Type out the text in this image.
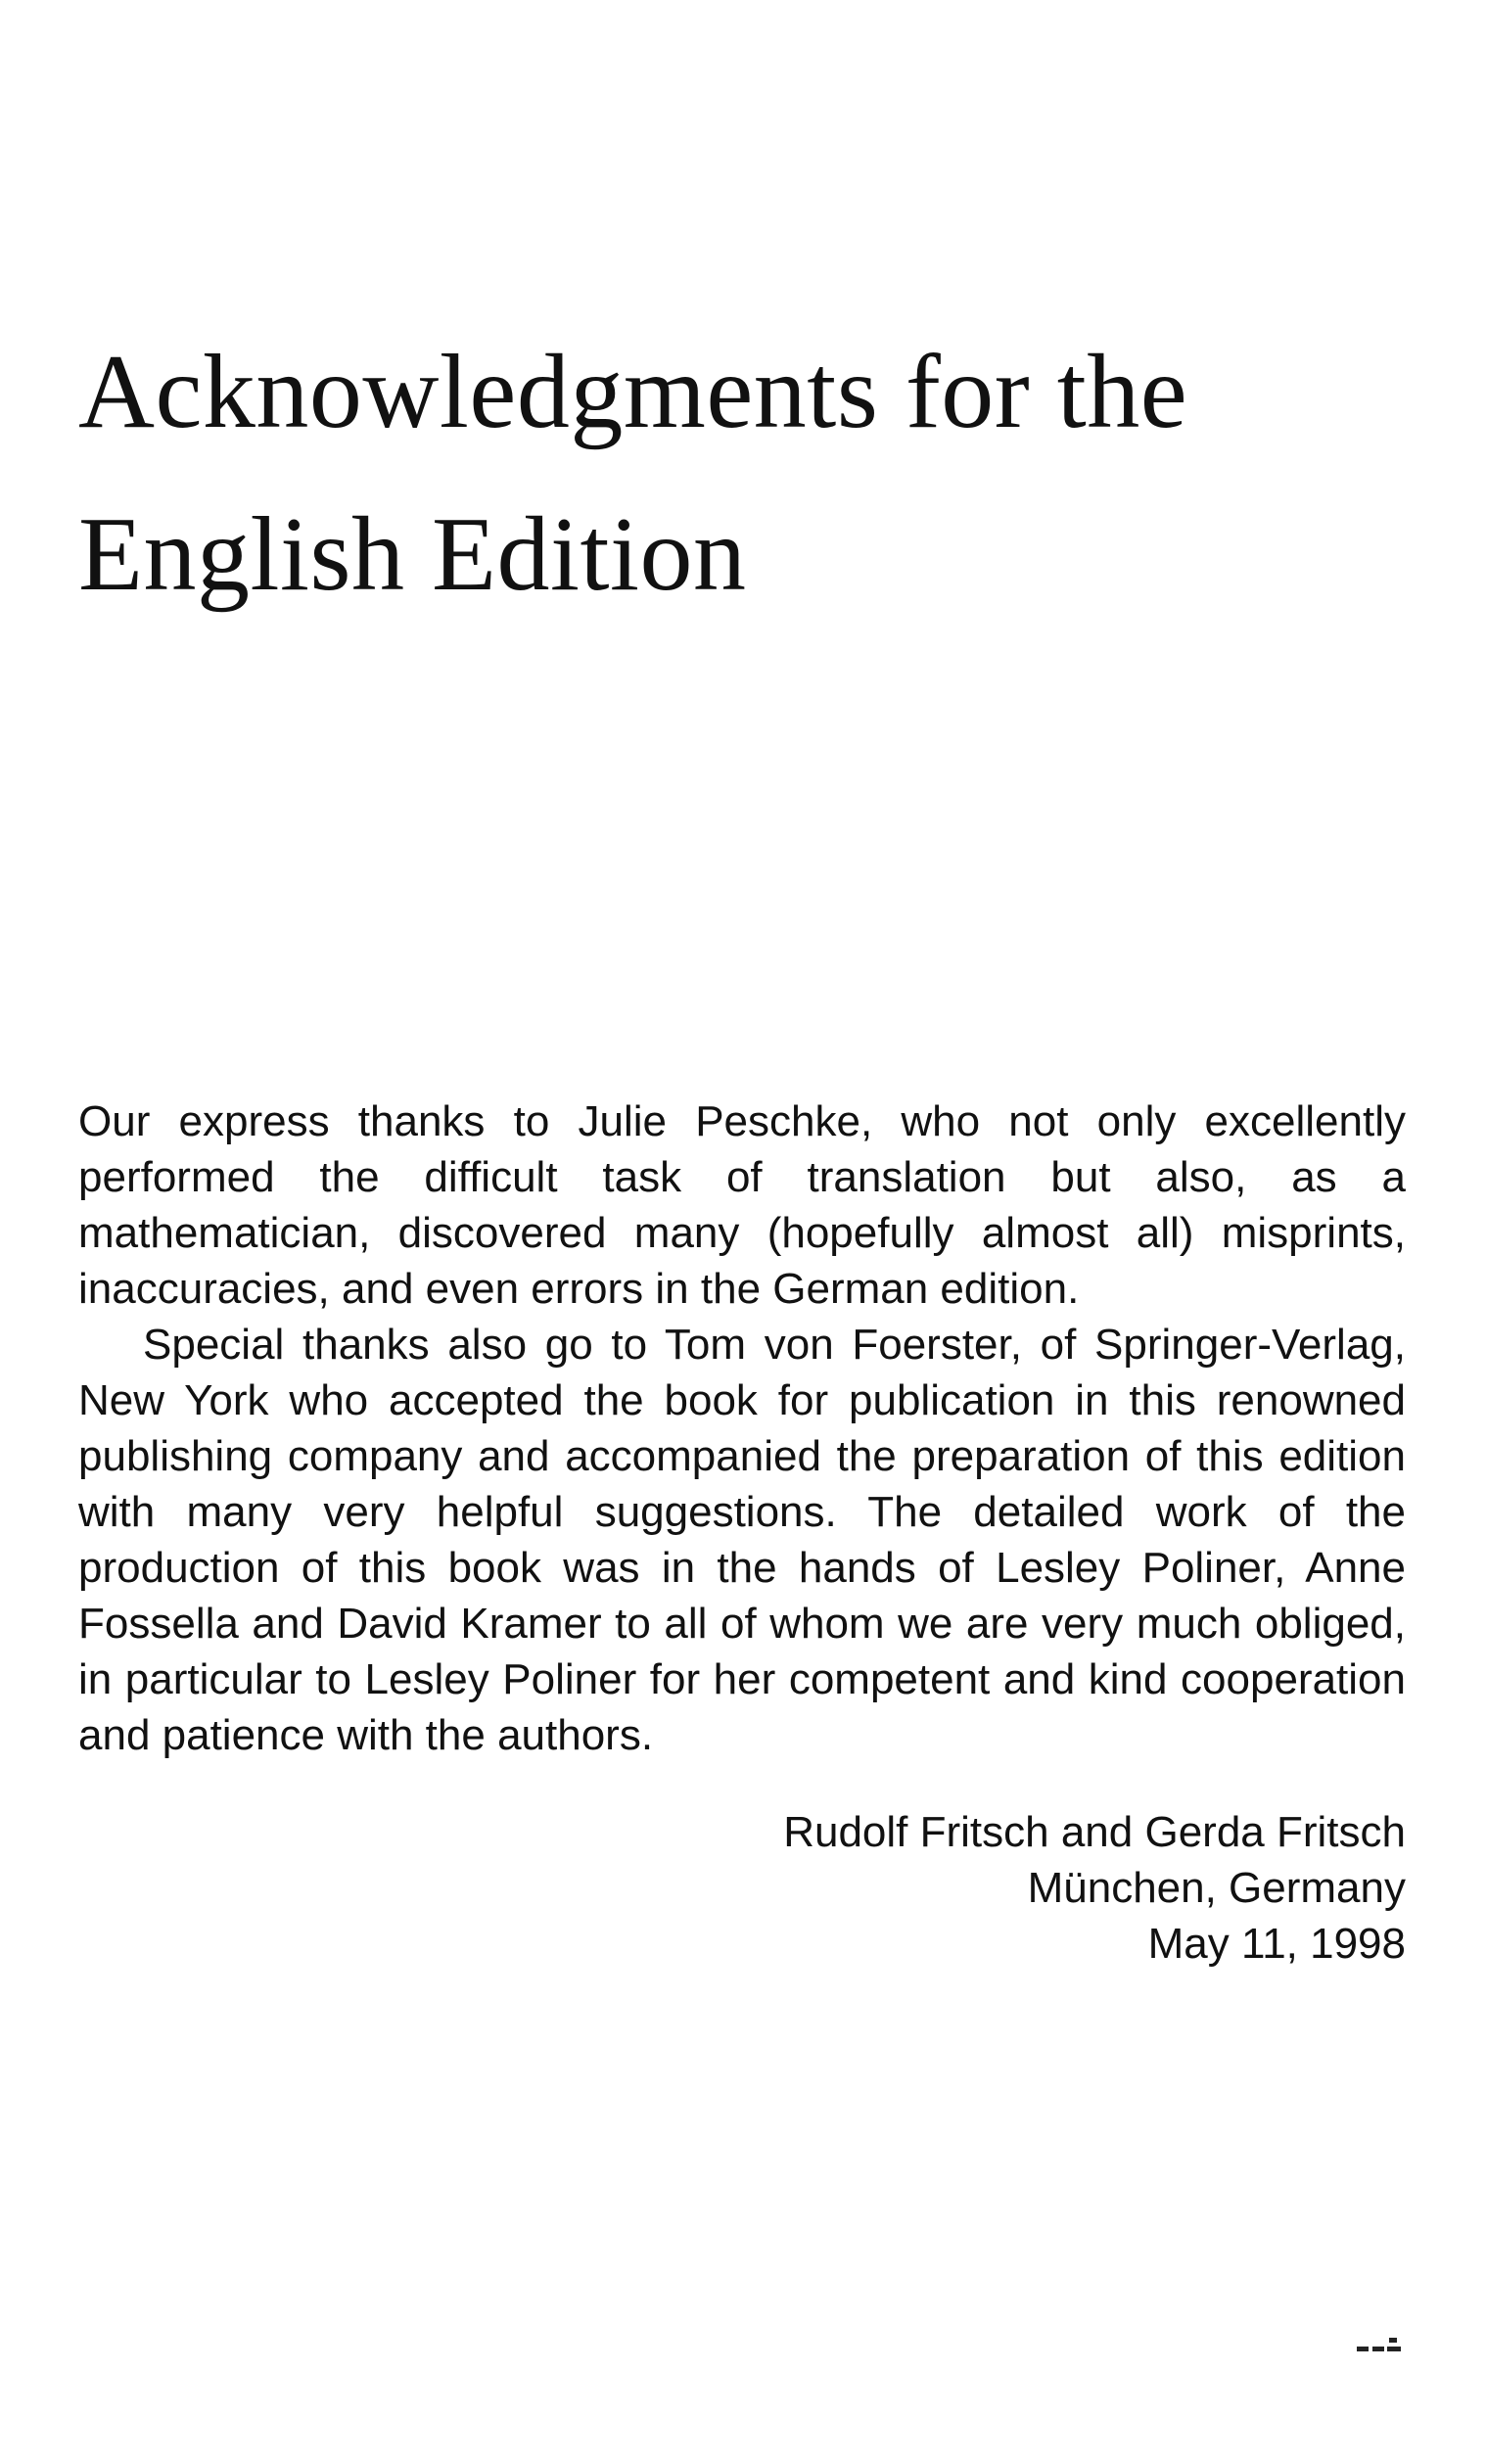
Acknowledgments for the
English Edition

Our express thanks to Julie Peschke, who not only excellently performed the difficult task of translation but also, as a mathematician, discovered many (hopefully almost all) misprints, inaccuracies, and even errors in the German edition.

Special thanks also go to Tom von Foerster, of Springer-Verlag, New York who accepted the book for publication in this renowned publishing company and accompanied the preparation of this edition with many very helpful suggestions. The detailed work of the production of this book was in the hands of Lesley Poliner, Anne Fossella and David Kramer to all of whom we are very much obliged, in particular to Lesley Poliner for her competent and kind cooperation and patience with the authors.

Rudolf Fritsch and Gerda Fritsch
München, Germany
May 11, 1998
